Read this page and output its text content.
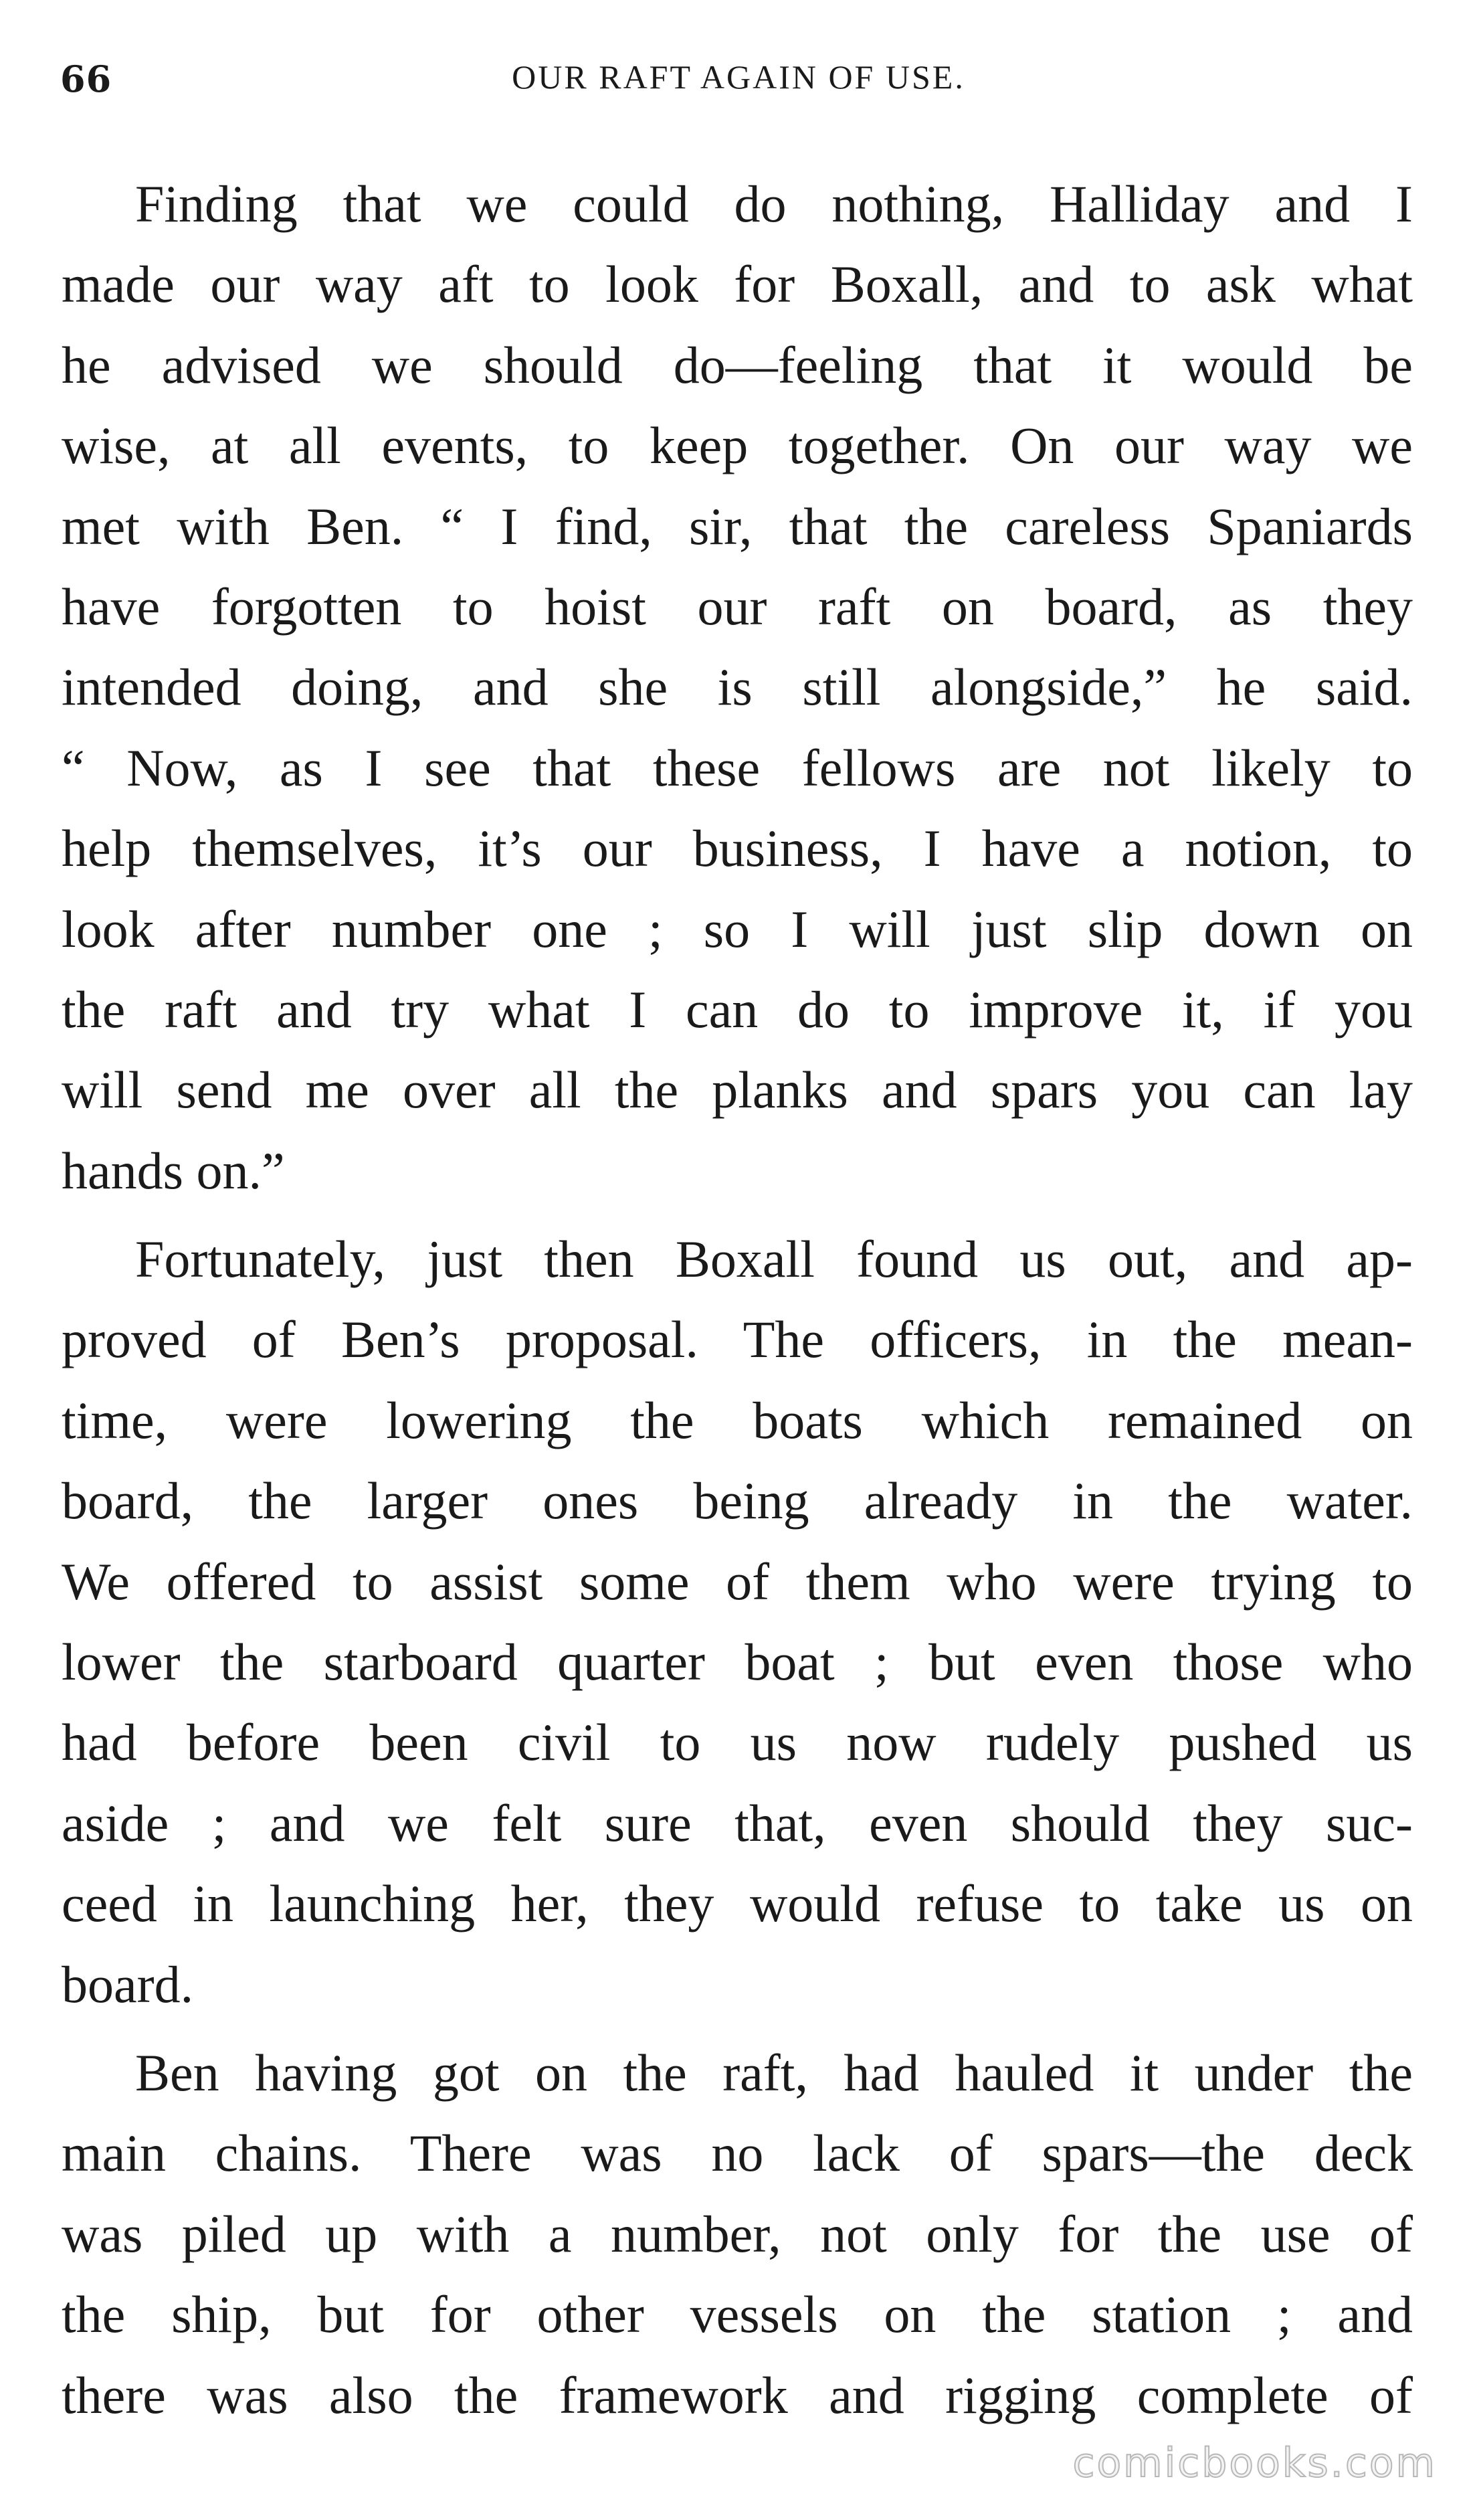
66	OUR RAFT AGAIN OF USE.
Finding that we could do nothing, Halliday and I
made our way aft to look for Boxall, and to ask what
he advised we should do—feeling that it would be
wise, at all events, to keep together. On our way we
met with Ben. “ I find, sir, that the careless Spaniards
have forgotten to hoist our raft on board, as they
intended doing, and she is still alongside,” he said.
“ Now, as I see that these fellows are not likely to
help themselves, it’s our business, I have a notion, to
look after number one ; so I will just slip down on
the raft and try what I can do to improve it, if you
will send me over all the planks and spars you can lay
hands on.”
Fortunately, just then Boxall found us out, and ap-
proved of Ben’s proposal. The officers, in the mean-
time, were lowering the boats which remained on
board, the larger ones being already in the water.
We offered to assist some of them who were trying to
lower the starboard quarter boat ; but even those who
had before been civil to us now rudely pushed us
aside ; and we felt sure that, even should they suc-
ceed in launching her, they would refuse to take us on
board.
Ben having got on the raft, had hauled it under the
main chains. There was no lack of spars—the deck
was piled up with a number, not only for the use of
the ship, but for other vessels on the station ; and
there was also the framework and rigging complete of
comicbooks.com
